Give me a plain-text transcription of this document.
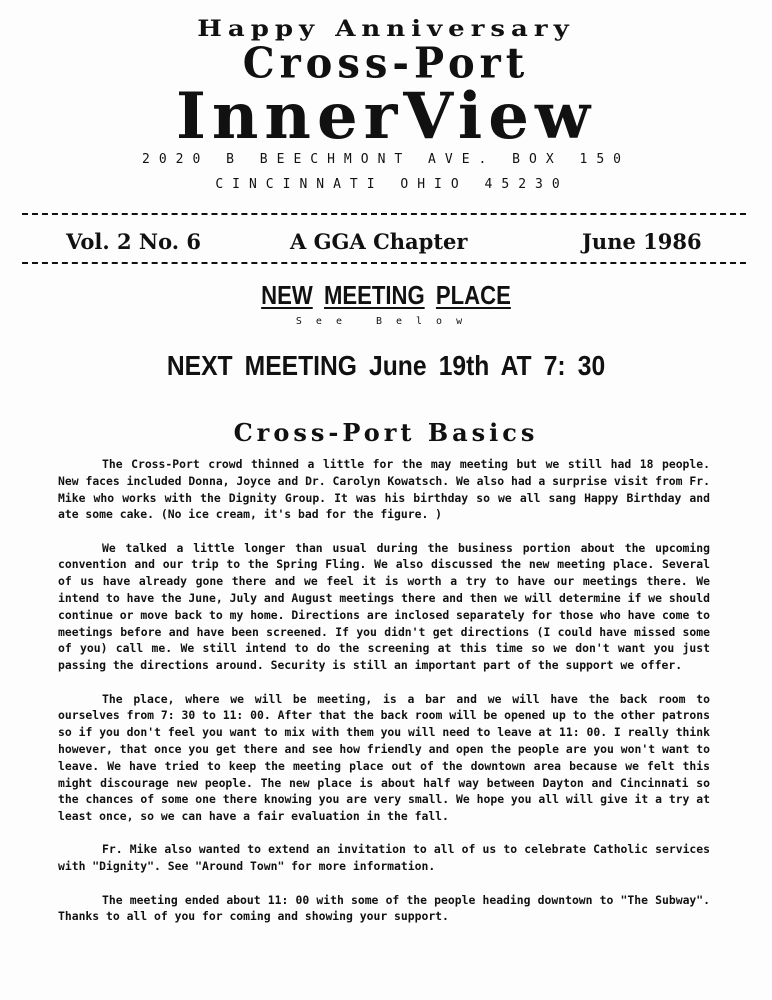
Happy Anniversary
Cross-Port
InnerView
2020 B BEECHMONT AVE. BOX 150
CINCINNATI OHIO 45230
Vol. 2 No. 6	A GGA Chapter	June 1986
NEW MEETING PLACE
See Below
NEXT MEETING June 19th AT 7: 30
Cross-Port Basics

The Cross-Port crowd thinned a little for the may meeting but we still had 18 people. New faces included Donna, Joyce and Dr. Carolyn Kowatsch. We also had a surprise visit from Fr. Mike who works with the Dignity Group. It was his birthday so we all sang Happy Birthday and ate some cake. (No ice cream, it's bad for the figure. )

We talked a little longer than usual during the business portion about the upcoming convention and our trip to the Spring Fling. We also discussed the new meeting place. Several of us have already gone there and we feel it is worth a try to have our meetings there. We intend to have the June, July and August meetings there and then we will determine if we should continue or move back to my home. Directions are inclosed separately for those who have come to meetings before and have been screened. If you didn't get directions (I could have missed some of you) call me. We still intend to do the screening at this time so we don't want you just passing the directions around. Security is still an important part of the support we offer.

The place, where we will be meeting, is a bar and we will have the back room to ourselves from 7: 30 to 11: 00. After that the back room will be opened up to the other patrons so if you don't feel you want to mix with them you will need to leave at 11: 00. I really think however, that once you get there and see how friendly and open the people are you won't want to leave. We have tried to keep the meeting place out of the downtown area because we felt this might discourage new people. The new place is about half way between Dayton and Cincinnati so the chances of some one there knowing you are very small. We hope you all will give it a try at least once, so we can have a fair evaluation in the fall.

Fr. Mike also wanted to extend an invitation to all of us to celebrate Catholic services with "Dignity". See "Around Town" for more information.

The meeting ended about 11: 00 with some of the people heading downtown to "The Subway". Thanks to all of you for coming and showing your support.
